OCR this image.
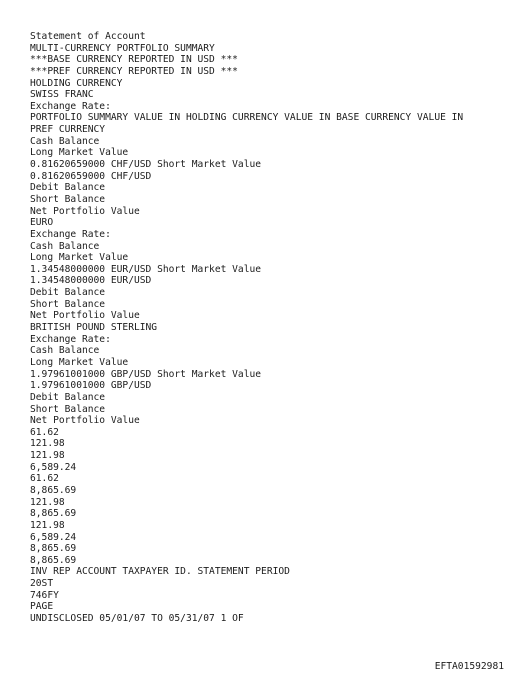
Statement of Account
MULTI-CURRENCY PORTFOLIO SUMMARY
***BASE CURRENCY REPORTED IN USD ***
***PREF CURRENCY REPORTED IN USD ***
HOLDING CURRENCY
SWISS FRANC
Exchange Rate:
PORTFOLIO SUMMARY VALUE IN HOLDING CURRENCY VALUE IN BASE CURRENCY VALUE IN
PREF CURRENCY
Cash Balance
Long Market Value
0.81620659000 CHF/USD Short Market Value
0.81620659000 CHF/USD
Debit Balance
Short Balance
Net Portfolio Value
EURO
Exchange Rate:
Cash Balance
Long Market Value
1.34548000000 EUR/USD Short Market Value
1.34548000000 EUR/USD
Debit Balance
Short Balance
Net Portfolio Value
BRITISH POUND STERLING
Exchange Rate:
Cash Balance
Long Market Value
1.97961001000 GBP/USD Short Market Value
1.97961001000 GBP/USD
Debit Balance
Short Balance
Net Portfolio Value
61.62
121.98
121.98
6,589.24
61.62
8,865.69
121.98
8,865.69
121.98
6,589.24
8,865.69
8,865.69
INV REP ACCOUNT TAXPAYER ID. STATEMENT PERIOD
20ST
746FY
PAGE
UNDISCLOSED 05/01/07 TO 05/31/07 1 OF
EFTA01592981
